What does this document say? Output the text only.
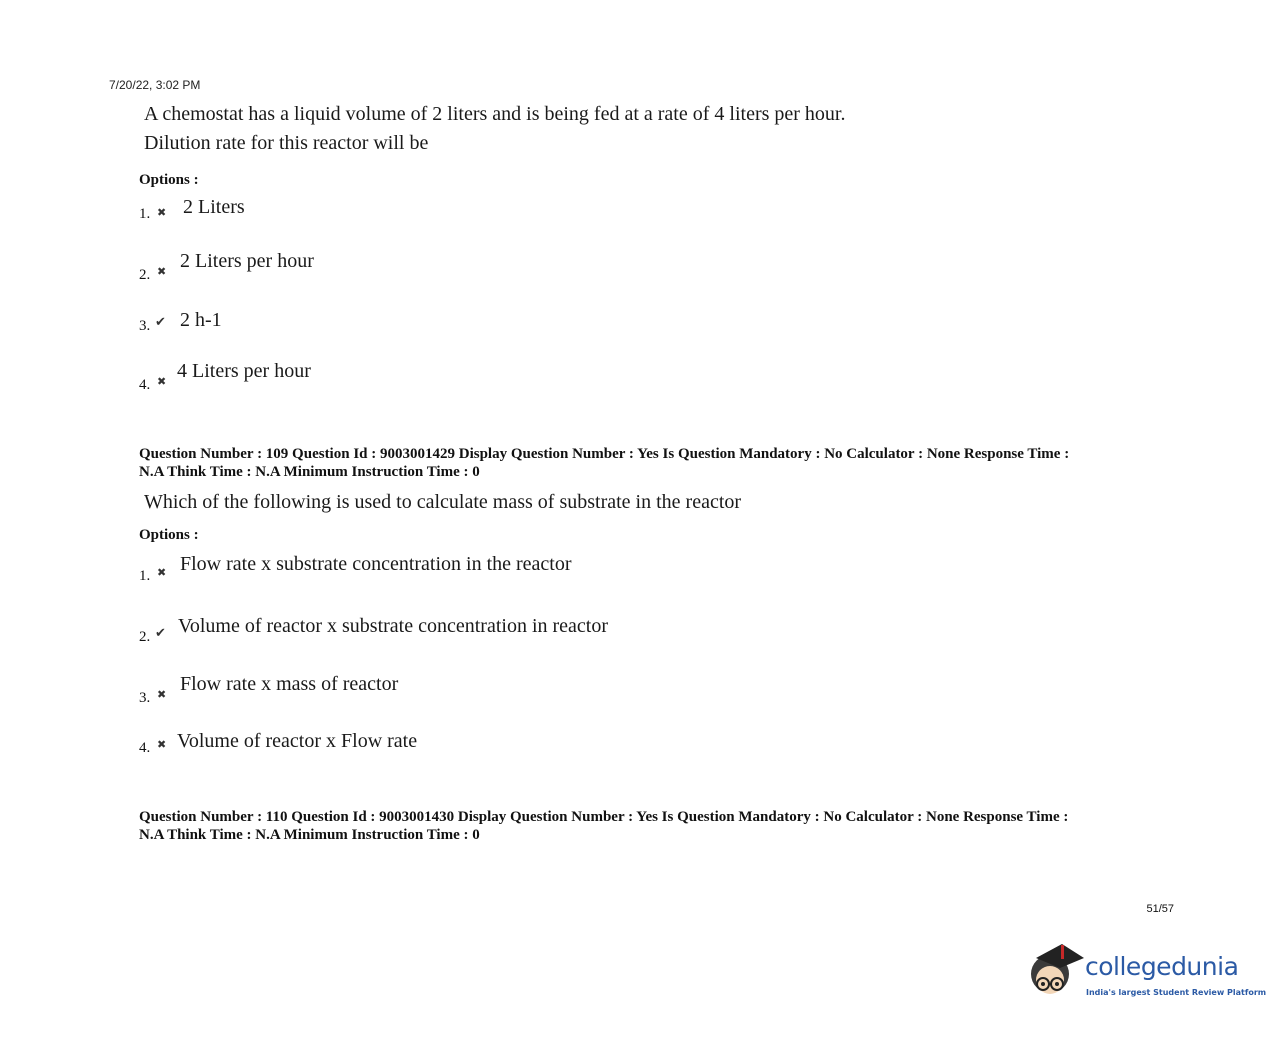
7/20/22, 3:02 PM
A chemostat has a liquid volume of 2 liters and is being fed at a rate of 4 liters per hour.
Dilution rate for this reactor will be
Options :
1. ✖ 2 Liters
2. ✖ 2 Liters per hour
3. ✔ 2 h-1
4. ✖ 4 Liters per hour
Question Number : 109 Question Id : 9003001429 Display Question Number : Yes Is Question Mandatory : No Calculator : None Response Time :
N.A Think Time : N.A Minimum Instruction Time : 0
Which of the following is used to calculate mass of substrate in the reactor
Options :
1. ✖ Flow rate x substrate concentration in the reactor
2. ✔ Volume of reactor x substrate concentration in reactor
3. ✖ Flow rate x mass of reactor
4. ✖ Volume of reactor x Flow rate
Question Number : 110 Question Id : 9003001430 Display Question Number : Yes Is Question Mandatory : No Calculator : None Response Time :
N.A Think Time : N.A Minimum Instruction Time : 0
51/57
collegedunia
India's largest Student Review Platform
